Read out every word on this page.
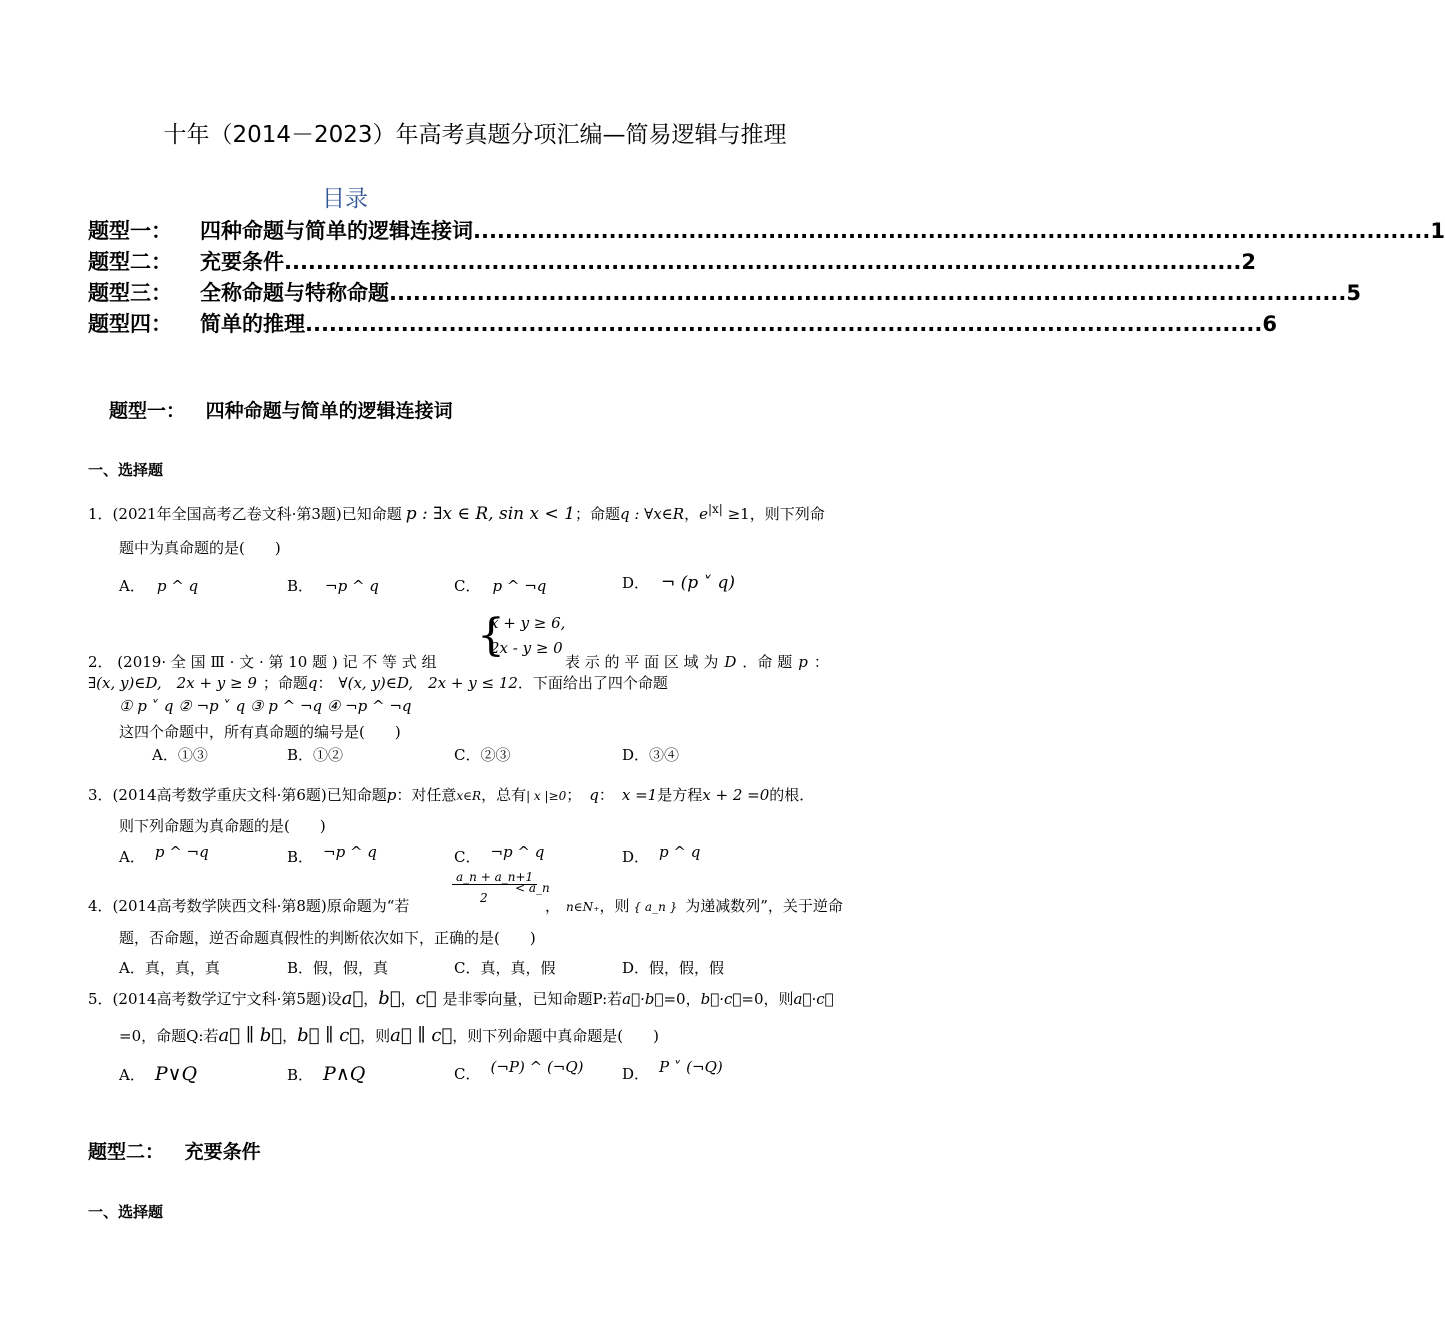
十年（2014－2023）年高考真题分项汇编—简易逻辑与推理
目录
题型一：	四种命题与简单的逻辑连接词 ........................................................................................................................ 1
题型二：	充要条件 ........................................................................................................................ 2
题型三：	全称命题与特称命题 ........................................................................................................................ 5
题型四：	简单的推理 ........................................................................................................................ 6
题型一： 四种命题与简单的逻辑连接词
一、选择题
1．(2021年全国高考乙卷文科·第3题)已知命题 p : ∃x ∈ R, sin x < 1；命题q : ∀x∈R，$e^{|x|} \ge 1$，则下列命
题中为真命题的是(　　)
A． p ^ q	B． ¬p ^ q	C． p ^ ¬q	D． ¬ (p ˅ q)
{
x + y ≥ 6,
2x - y ≥ 0
2． (2019· 全 国 Ⅲ · 文 · 第 10 题 ) 记 不 等 式 组	表 示 的 平 面 区 域 为 D ．命 题 p ：
∃(x, y)∈D,　2x + y ≥ 9 ；命题q： ∀(x, y)∈D,　2x + y ≤ 12．下面给出了四个命题
① p ˅ q ② ¬p ˅ q ③ p ^ ¬q ④ ¬p ^ ¬q
这四个命题中，所有真命题的编号是(　　)
A．①③	B．①②	C．②③	D．③④
3．(2014高考数学重庆文科·第6题)已知命题p：对任意x∈R，总有| x |≥0； q： x =1是方程x + 2 =0的根．
则下列命题为真命题的是(　　)
A． p ^ ¬q	B． ¬p ^ q	C． ¬p ^ q	D． p ^ q
a_n + a_n+1
2
< a_n
4．(2014高考数学陕西文科·第8题)原命题为“若	， n∈N₊，则 { a_n } 为递减数列”，关于逆命
题，否命题，逆否命题真假性的判断依次如下，正确的是(　　)
A．真，真，真	B．假，假，真	C．真，真，假	D．假，假，假
5．(2014高考数学辽宁文科·第5题)设a⃗，b⃗，c⃗ 是非零向量，已知命题P:若a⃗·b⃗=0，b⃗·c⃗=0，则a⃗·c⃗
=0，命题Q:若a⃗ ∥ b⃗，b⃗ ∥ c⃗，则a⃗ ∥ c⃗，则下列命题中真命题是(　　)
A． P∨Q	B． P∧Q	C． (¬P) ^ (¬Q)	D． P ˅ (¬Q)
题型二： 充要条件
一、选择题
